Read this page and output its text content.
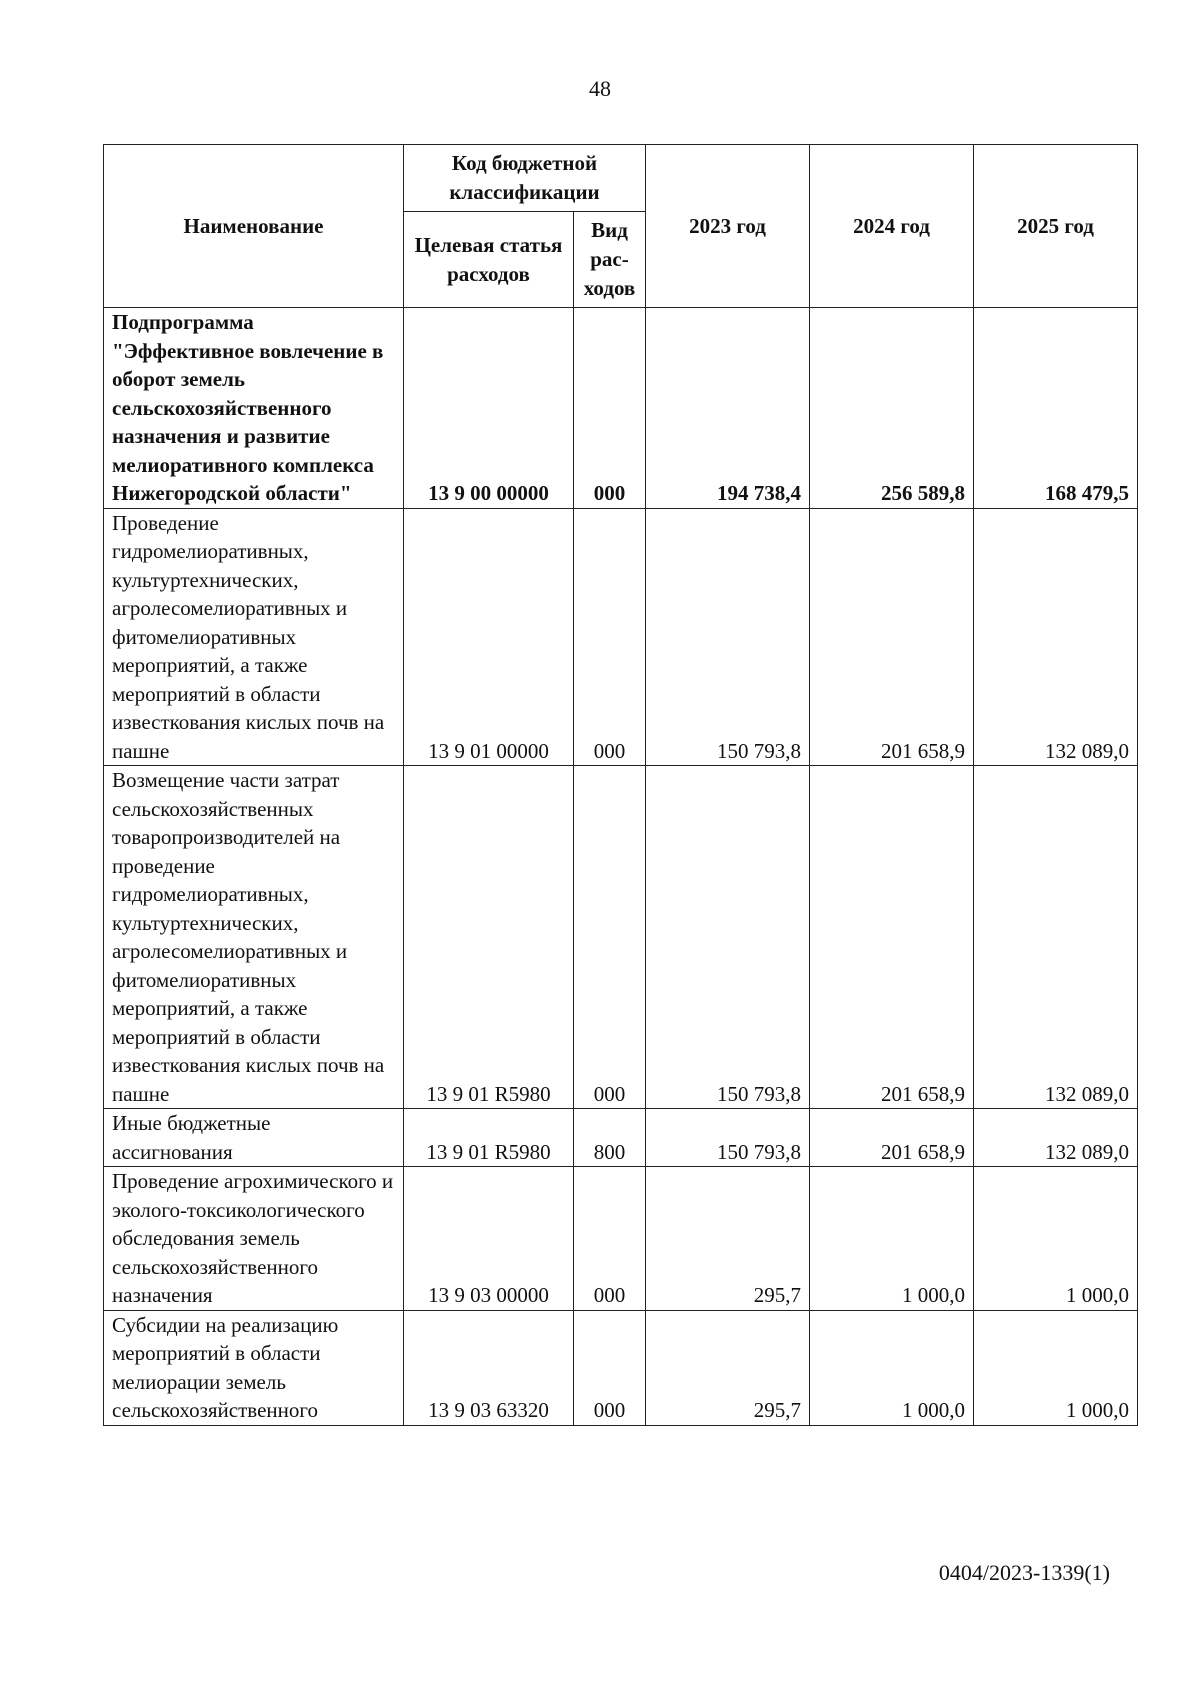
48
Наименование	Код бюджетной классификации		2023 год	2024 год	2025 год
	Целевая статья расходов	Вид рас-ходов			
Подпрограмма "Эффективное вовлечение в оборот земель сельскохозяйственного назначения и развитие мелиоративного комплекса Нижегородской области"	13 9 00 00000	000	194 738,4	256 589,8	168 479,5
Проведение гидромелиоративных, культуртехнических, агролесомелиоративных и фитомелиоративных мероприятий, а также мероприятий в области известкования кислых почв на пашне	13 9 01 00000	000	150 793,8	201 658,9	132 089,0
Возмещение части затрат сельскохозяйственных товаропроизводителей на проведение гидромелиоративных, культуртехнических, агролесомелиоративных и фитомелиоративных мероприятий, а также мероприятий в области известкования кислых почв на пашне	13 9 01 R5980	000	150 793,8	201 658,9	132 089,0
Иные бюджетные ассигнования	13 9 01 R5980	800	150 793,8	201 658,9	132 089,0
Проведение агрохимического и эколого-токсикологического обследования земель сельскохозяйственного назначения	13 9 03 00000	000	295,7	1 000,0	1 000,0
Субсидии на реализацию мероприятий в области мелиорации земель сельскохозяйственного	13 9 03 63320	000	295,7	1 000,0	1 000,0
0404/2023-1339(1)
